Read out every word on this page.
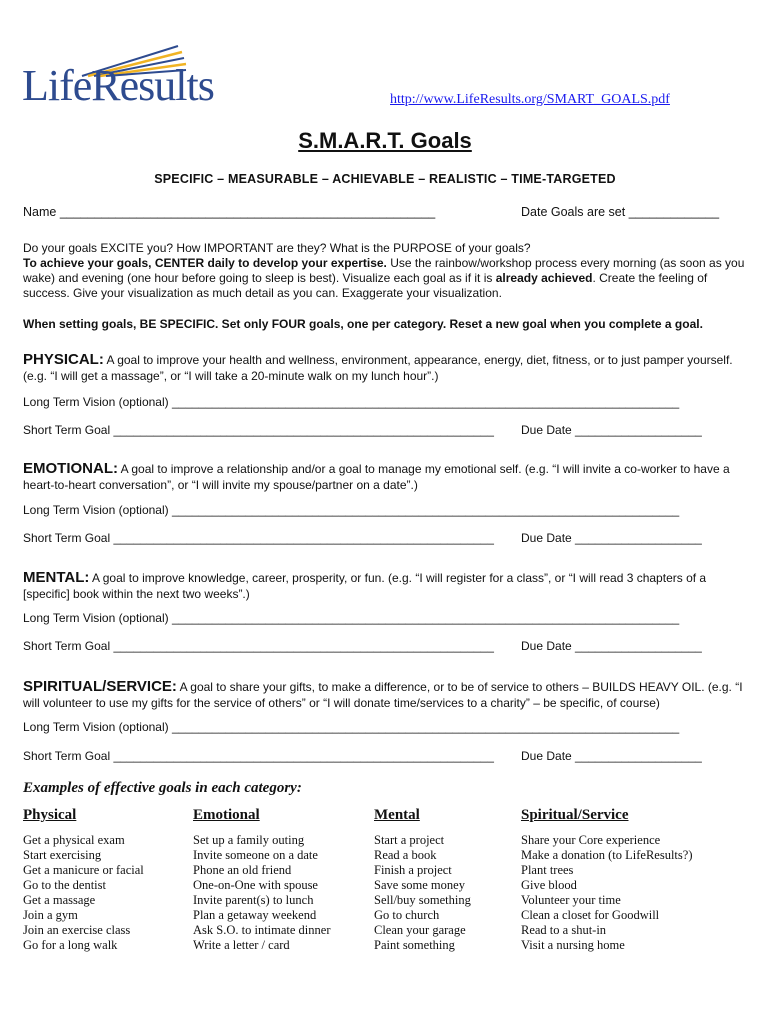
LifeResults	http://www.LifeResults.org/SMART_GOALS.pdf
S.M.A.R.T. Goals
SPECIFIC – MEASURABLE – ACHIEVABLE – REALISTIC – TIME-TARGETED
Name ______________________________________________________	Date Goals are set _____________
Do your goals EXCITE you? How IMPORTANT are they? What is the PURPOSE of your goals?
To achieve your goals, CENTER daily to develop your expertise. Use the rainbow/workshop process every morning (as soon as you wake) and evening (one hour before going to sleep is best). Visualize each goal as if it is already achieved. Create the feeling of success. Give your visualization as much detail as you can. Exaggerate your visualization.
When setting goals, BE SPECIFIC. Set only FOUR goals, one per category. Reset a new goal when you complete a goal.
PHYSICAL: A goal to improve your health and wellness, environment, appearance, energy, diet, fitness, or to just pamper yourself. (e.g. “I will get a massage”, or “I will take a 20-minute walk on my lunch hour”.)
Long Term Vision (optional) ____________________________________________________________________________
Short Term Goal _________________________________________________________ Due Date ___________________
EMOTIONAL: A goal to improve a relationship and/or a goal to manage my emotional self. (e.g. “I will invite a co-worker to have a heart-to-heart conversation”, or “I will invite my spouse/partner on a date”.)
Long Term Vision (optional) ____________________________________________________________________________
Short Term Goal _________________________________________________________ Due Date ___________________
MENTAL: A goal to improve knowledge, career, prosperity, or fun. (e.g. “I will register for a class”, or “I will read 3 chapters of a [specific] book within the next two weeks”.)
Long Term Vision (optional) ____________________________________________________________________________
Short Term Goal _________________________________________________________ Due Date ___________________
SPIRITUAL/SERVICE: A goal to share your gifts, to make a difference, or to be of service to others – BUILDS HEAVY OIL. (e.g. “I will volunteer to use my gifts for the service of others” or “I will donate time/services to a charity” – be specific, of course)
Long Term Vision (optional) ____________________________________________________________________________
Short Term Goal _________________________________________________________ Due Date ___________________
Examples of effective goals in each category:
Physical
Get a physical exam
Start exercising
Get a manicure or facial
Go to the dentist
Get a massage
Join a gym
Join an exercise class
Go for a long walk
Emotional
Set up a family outing
Invite someone on a date
Phone an old friend
One-on-One with spouse
Invite parent(s) to lunch
Plan a getaway weekend
Ask S.O. to intimate dinner
Write a letter / card
Mental
Start a project
Read a book
Finish a project
Save some money
Sell/buy something
Go to church
Clean your garage
Paint something
Spiritual/Service
Share your Core experience
Make a donation (to LifeResults?)
Plant trees
Give blood
Volunteer your time
Clean a closet for Goodwill
Read to a shut-in
Visit a nursing home
